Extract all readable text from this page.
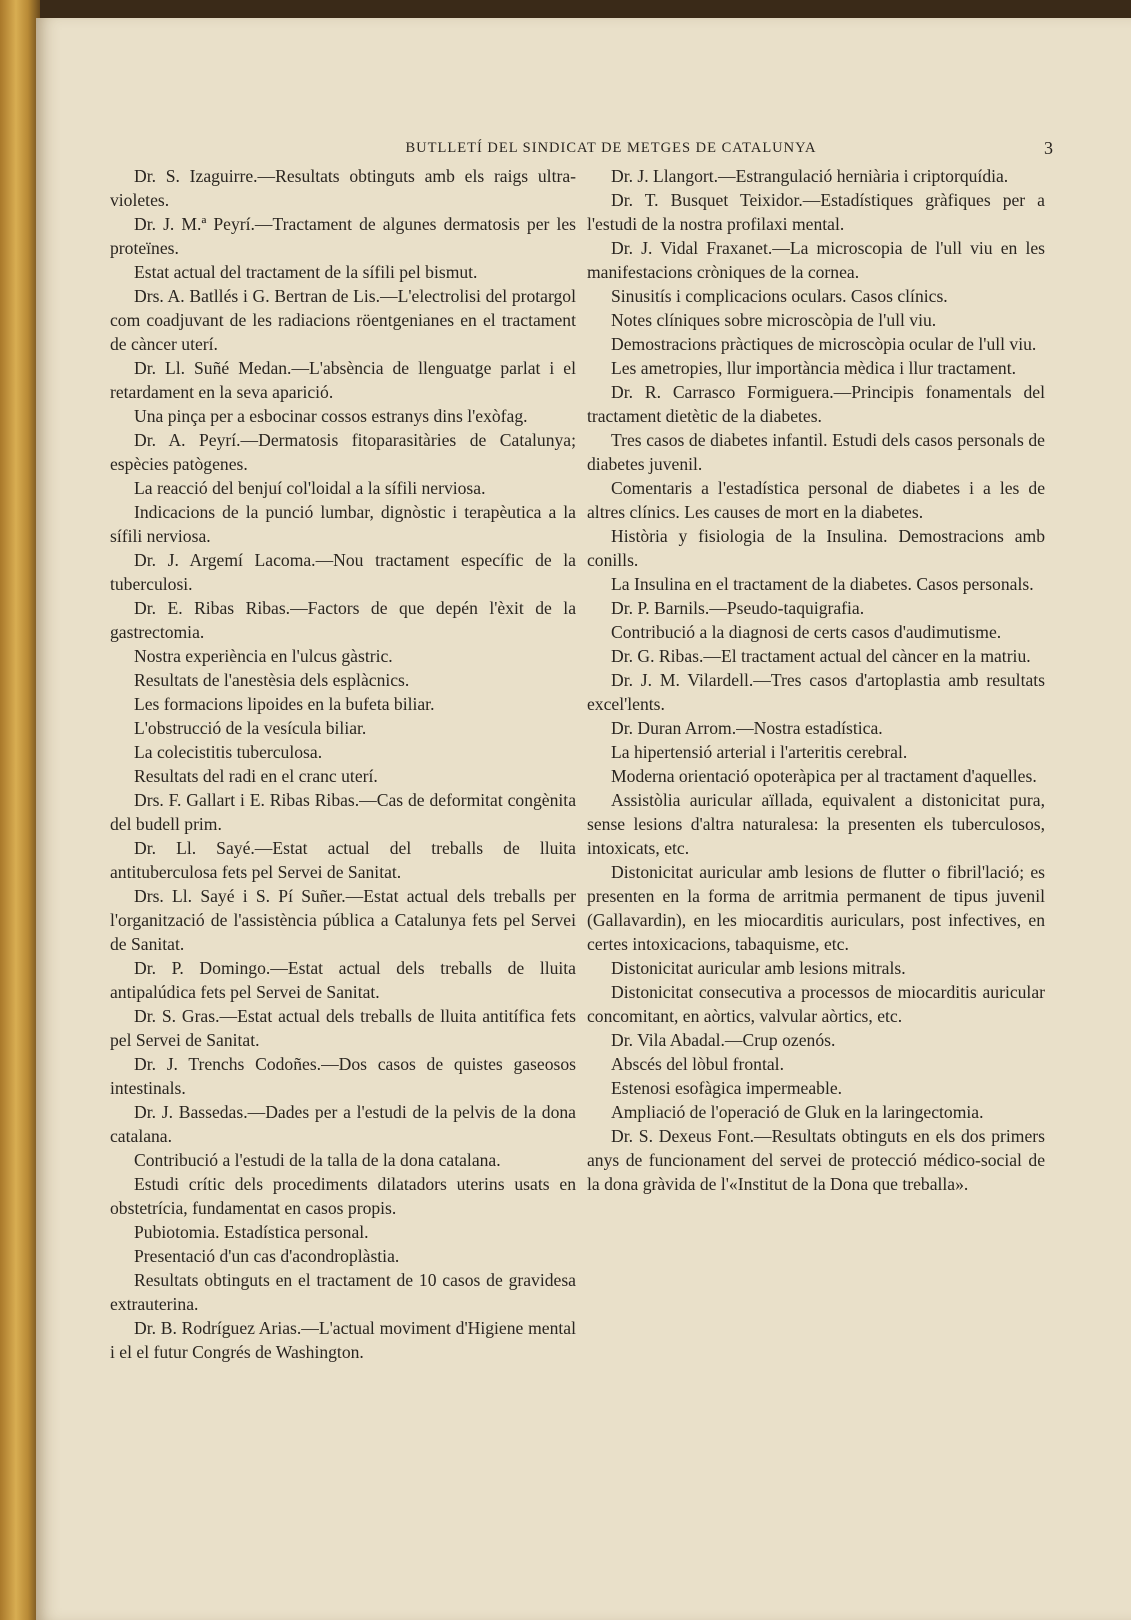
BUTLLETÍ DEL SINDICAT DE METGES DE CATALUNYA	3

Dr. S. Izaguirre.—Resultats obtinguts amb els raigs ultra-violetes.

Dr. J. M.ª Peyrí.—Tractament de algunes dermatosis per les proteïnes.

Estat actual del tractament de la sífili pel bismut.

Drs. A. Batllés i G. Bertran de Lis.—L'electrolisi del protargol com coadjuvant de les radiacions röentgenianes en el tractament de càncer uterí.

Dr. Ll. Suñé Medan.—L'absència de llenguatge parlat i el retardament en la seva aparició.

Una pinça per a esbocinar cossos estranys dins l'exòfag.

Dr. A. Peyrí.—Dermatosis fitoparasitàries de Catalunya; espècies patògenes.

La reacció del benjuí col'loidal a la sífili nerviosa.

Indicacions de la punció lumbar, dignòstic i terapèutica a la sífili nerviosa.

Dr. J. Argemí Lacoma.—Nou tractament específic de la tuberculosi.

Dr. E. Ribas Ribas.—Factors de que depén l'èxit de la gastrectomia.

Nostra experiència en l'ulcus gàstric.

Resultats de l'anestèsia dels esplàcnics.

Les formacions lipoides en la bufeta biliar.

L'obstrucció de la vesícula biliar.

La colecistitis tuberculosa.

Resultats del radi en el cranc uterí.

Drs. F. Gallart i E. Ribas Ribas.—Cas de deformitat congènita del budell prim.

Dr. Ll. Sayé.—Estat actual del treballs de lluita antituberculosa fets pel Servei de Sanitat.

Drs. Ll. Sayé i S. Pí Suñer.—Estat actual dels treballs per l'organització de l'assistència pública a Catalunya fets pel Servei de Sanitat.

Dr. P. Domingo.—Estat actual dels treballs de lluita antipalúdica fets pel Servei de Sanitat.

Dr. S. Gras.—Estat actual dels treballs de lluita antitífica fets pel Servei de Sanitat.

Dr. J. Trenchs Codoñes.—Dos casos de quistes gaseosos intestinals.

Dr. J. Bassedas.—Dades per a l'estudi de la pelvis de la dona catalana.

Contribució a l'estudi de la talla de la dona catalana.

Estudi crític dels procediments dilatadors uterins usats en obstetrícia, fundamentat en casos propis.

Pubiotomia. Estadística personal.

Presentació d'un cas d'acondroplàstia.

Resultats obtinguts en el tractament de 10 casos de gravidesa extrauterina.

Dr. B. Rodríguez Arias.—L'actual moviment d'Higiene mental i el el futur Congrés de Washington.

Dr. J. Llangort.—Estrangulació herniària i criptorquídia.

Dr. T. Busquet Teixidor.—Estadístiques gràfiques per a l'estudi de la nostra profilaxi mental.

Dr. J. Vidal Fraxanet.—La microscopia de l'ull viu en les manifestacions cròniques de la cornea.

Sinusitís i complicacions oculars. Casos clínics.

Notes clíniques sobre microscòpia de l'ull viu.

Demostracions pràctiques de microscòpia ocular de l'ull viu.

Les ametropies, llur importància mèdica i llur tractament.

Dr. R. Carrasco Formiguera.—Principis fonamentals del tractament dietètic de la diabetes.

Tres casos de diabetes infantil. Estudi dels casos personals de diabetes juvenil.

Comentaris a l'estadística personal de diabetes i a les de altres clínics. Les causes de mort en la diabetes.

Història y fisiologia de la Insulina. Demostracions amb conills.

La Insulina en el tractament de la diabetes. Casos personals.

Dr. P. Barnils.—Pseudo-taquigrafia.

Contribució a la diagnosi de certs casos d'audimutisme.

Dr. G. Ribas.—El tractament actual del càncer en la matriu.

Dr. J. M. Vilardell.—Tres casos d'artoplastia amb resultats excel'lents.

Dr. Duran Arrom.—Nostra estadística.

La hipertensió arterial i l'arteritis cerebral.

Moderna orientació opoteràpica per al tractament d'aquelles.

Assistòlia auricular aïllada, equivalent a distonicitat pura, sense lesions d'altra naturalesa: la presenten els tuberculosos, intoxicats, etc.

Distonicitat auricular amb lesions de flutter o fibril'lació; es presenten en la forma de arritmia permanent de tipus juvenil (Gallavardin), en les miocarditis auriculars, post infectives, en certes intoxicacions, tabaquisme, etc.

Distonicitat auricular amb lesions mitrals.

Distonicitat consecutiva a processos de miocarditis auricular concomitant, en aòrtics, valvular aòrtics, etc.

Dr. Vila Abadal.—Crup ozenós.

Abscés del lòbul frontal.

Estenosi esofàgica impermeable.

Ampliació de l'operació de Gluk en la laringectomia.

Dr. S. Dexeus Font.—Resultats obtinguts en els dos primers anys de funcionament del servei de protecció médico-social de la dona gràvida de l'«Institut de la Dona que treballa».
